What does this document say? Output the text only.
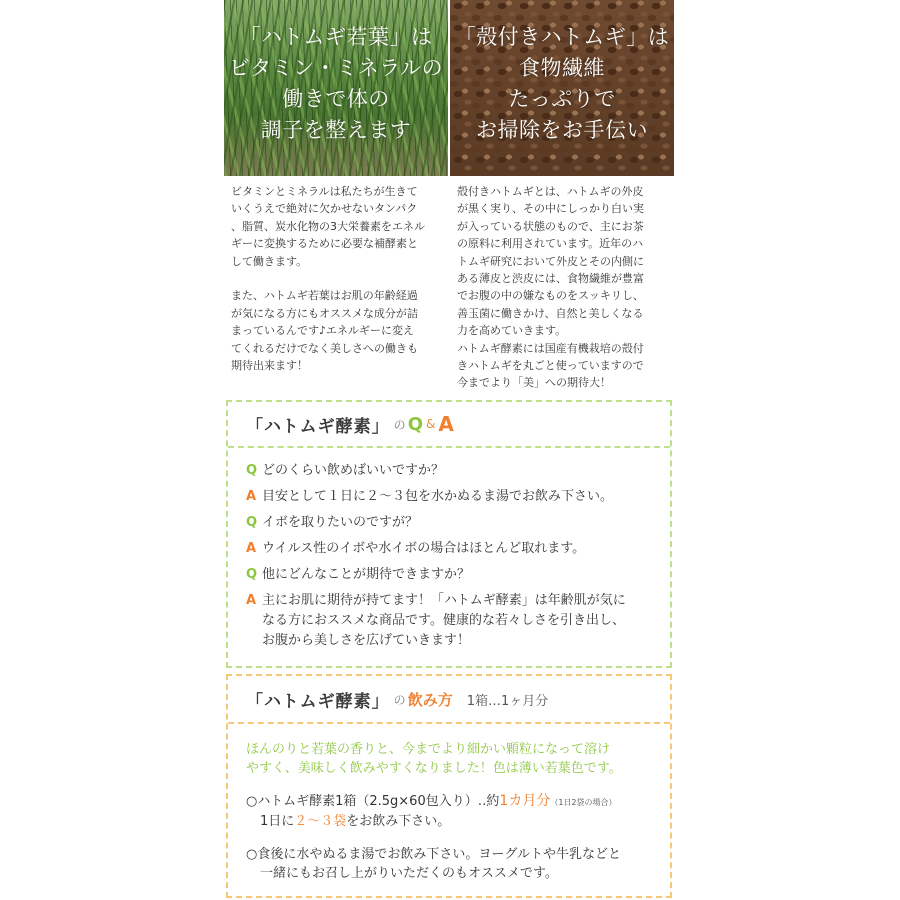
「ハトムギ若葉」は
ビタミン・ミネラルの
働きで体の
調子を整えます
ビタミンとミネラルは私たちが生きて
いくうえで絶対に欠かせないタンパク
、脂質、炭水化物の3大栄養素をエネル
ギーに変換するために必要な補酵素と
して働きます。
また、ハトムギ若葉はお肌の年齢経過
が気になる方にもオススメな成分が詰
まっているんです♪エネルギーに変え
てくれるだけでなく美しさへの働きも
期待出来ます！
「殻付きハトムギ」は
食物繊維
たっぷりで
お掃除をお手伝い
殻付きハトムギとは、ハトムギの外皮
が黒く実り、その中にしっかり白い実
が入っている状態のもので、主にお茶
の原料に利用されています。近年のハ
トムギ研究において外皮とその内側に
ある薄皮と渋皮には、食物繊維が豊富
でお腹の中の嫌なものをスッキリし、
善玉菌に働きかけ、自然と美しくなる
力を高めていきます。
ハトムギ酵素には国産有機栽培の殻付
きハトムギを丸ごと使っていますので
今までより「美」への期待大！
「ハトムギ酵素」 の Q & A
Q どのくらい飲めばいいですか？
A 目安として１日に２〜３包を水かぬるま湯でお飲み下さい。
Q イボを取りたいのですが？
A ウイルス性のイボや水イボの場合はほとんど取れます。
Q 他にどんなことが期待できますか？
A 主にお肌に期待が持てます！「ハトムギ酵素」は年齢肌が気に
なる方におススメな商品です。健康的な若々しさを引き出し、
お腹から美しさを広げていきます！
「ハトムギ酵素」 の 飲み方 1箱…1ヶ月分
ほんのりと若葉の香りと、今までより細かい顆粒になって溶け
やすく、美味しく飲みやすくなりました！色は薄い若葉色です。
○ハトムギ酵素1箱（2.5g×60包入り）‥約1カ月分（1日2袋の場合）
1日に２〜３袋をお飲み下さい。
○食後に水やぬるま湯でお飲み下さい。ヨーグルトや牛乳などと
一緒にもお召し上がりいただくのもオススメです。
